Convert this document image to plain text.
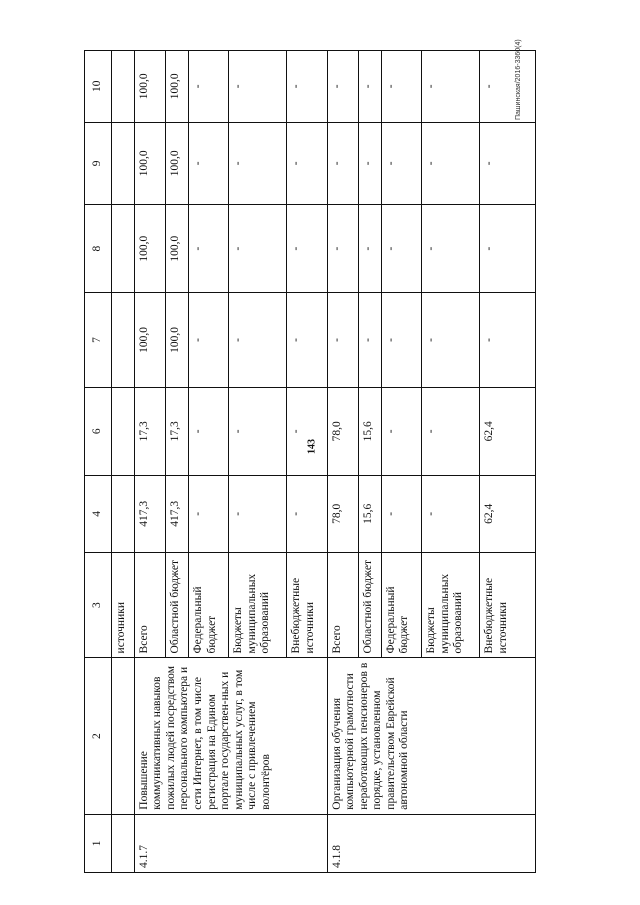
143
Пашинская/2016-3360(4)
1	2	3	4	6	7	8	9	10
		источники						
4.1.7	Повышение коммуникативных навыков пожилых людей посредством персонального компьютера и сети Интернет, в том числе регистрация на Едином портале государствен-ных и муниципальных услуг, в том числе с привлечением волонтёров	Всего	417,3	17,3	100,0	100,0	100,0	100,0
		Областной бюджет	417,3	17,3	100,0	100,0	100,0	100,0
		Федеральный бюджет	-	-	-	-	-	-
		Бюджеты муниципальных образований	-	-	-	-	-	-
		Внебюджетные источники	-	-	-	-	-	-
4.1.8	Организация обучения компьютерной грамотности неработающих пенсионеров в порядке, установленном правительством Еврейской автономной области	Всего	78,0	78,0	-	-	-	-
		Областной бюджет	15,6	15,6	-	-	-	-
		Федеральный бюджет	-	-	-	-	-	-
		Бюджеты муниципальных образований	-	-	-	-	-	-
		Внебюджетные источники	62,4	62,4	-	-	-	-
